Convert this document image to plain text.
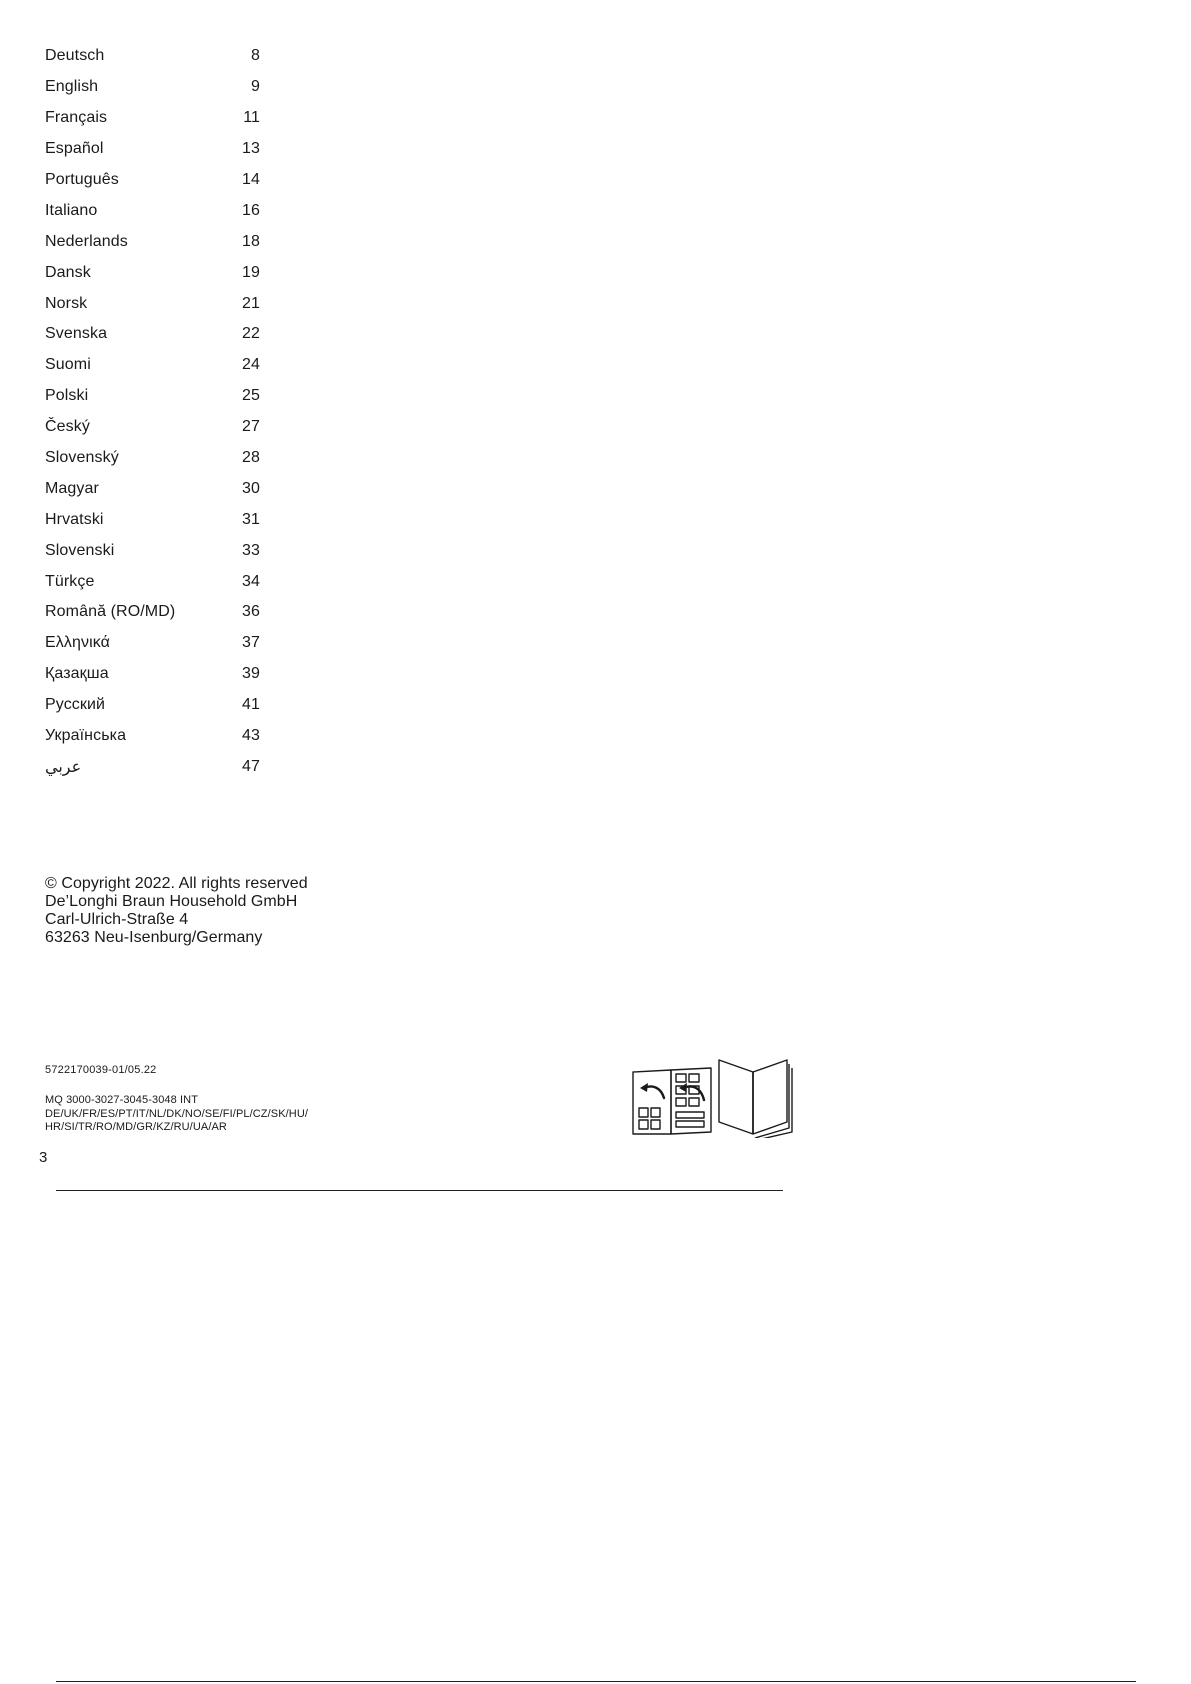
Deutsch	8
English	9
Français	11
Español	13
Português	14
Italiano	16
Nederlands	18
Dansk	19
Norsk	21
Svenska	22
Suomi	24
Polski	25
Český	27
Slovenský	28
Magyar	30
Hrvatski	31
Slovenski	33
Türkçe	34
Română (RO/MD)	36
Ελληνικά	37
Қазақша	39
Русский	41
Українська	43
عربي	47
© Copyright 2022. All rights reserved
De’Longhi Braun Household GmbH
Carl-Ulrich-Straße 4
63263 Neu-Isenburg/Germany
5722170039-01/05.22
MQ 3000-3027-3045-3048 INT
DE/UK/FR/ES/PT/IT/NL/DK/NO/SE/FI/PL/CZ/SK/HU/
HR/SI/TR/RO/MD/GR/KZ/RU/UA/AR
3
